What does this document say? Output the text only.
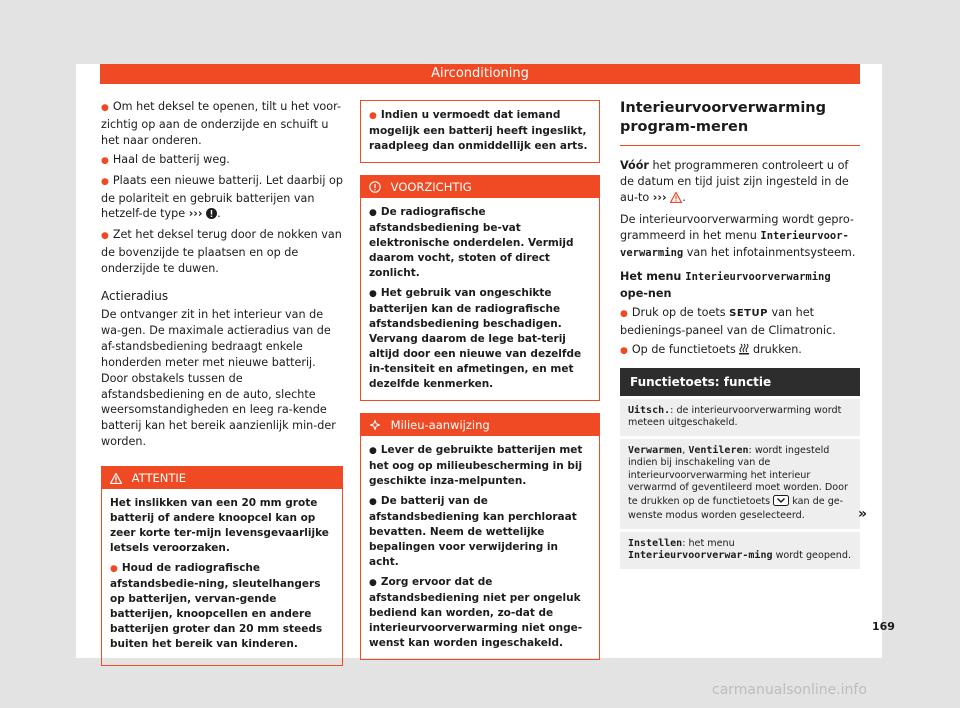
Airconditioning

● Om het deksel te openen, tilt u het voor-zichtig op aan de onderzijde en schuift u het naar onderen.

● Haal de batterij weg.

● Plaats een nieuwe batterij. Let daarbij op de polariteit en gebruik batterijen van hetzelf-de type ››› .

● Zet het deksel terug door de nokken van de bovenzijde te plaatsen en op de onderzijde te duwen.

Actieradius

De ontvanger zit in het interieur van de wa-gen. De maximale actieradius van de af-standsbediening bedraagt enkele honderden meter met nieuwe batterij. Door obstakels tussen de afstandsbediening en de auto, slechte weersomstandigheden en leeg ra-kende batterij kan het bereik aanzienlijk min-der worden.

ATTENTIE

Het inslikken van een 20 mm grote batterij of andere knoopcel kan op zeer korte ter-mijn levensgevaarlijke letsels veroorzaken.

● Houd de radiografische afstandsbedie-ning, sleutelhangers op batterijen, vervan-gende batterijen, knoopcellen en andere batterijen groter dan 20 mm steeds buiten het bereik van kinderen.

● Indien u vermoedt dat iemand mogelijk een batterij heeft ingeslikt, raadpleeg dan onmiddellijk een arts.

VOORZICHTIG

● De radiografische afstandsbediening be-vat elektronische onderdelen. Vermijd daarom vocht, stoten of direct zonlicht.

● Het gebruik van ongeschikte batterijen kan de radiografische afstandsbediening beschadigen. Vervang daarom de lege bat-terij altijd door een nieuwe van dezelfde in-tensiteit en afmetingen, en met dezelfde kenmerken.

Milieu-aanwijzing

● Lever de gebruikte batterijen met het oog op milieubescherming in bij geschikte inza-melpunten.

● De batterij van de afstandsbediening kan perchloraat bevatten. Neem de wettelijke bepalingen voor verwijdering in acht.

● Zorg ervoor dat de afstandsbediening niet per ongeluk bediend kan worden, zo-dat de interieurvoorverwarming niet onge-wenst kan worden ingeschakeld.

Interieurvoorverwarming program-meren

Vóór het programmeren controleert u of de datum en tijd juist zijn ingesteld in de au-to ››› .

De interieurvoorverwarming wordt gepro-grammeerd in het menu Interieurvoor-verwarming van het infotainmentsysteem.

Het menu Interieurvoorverwarming ope-nen

● Druk op de toets SETUP van het bedienings-paneel van de Climatronic.

● Op de functietoets drukken.

Functietoets: functie
Uitsch.: de interieurvoorverwarming wordt meteen uitgeschakeld.
Verwarmen, Ventileren: wordt ingesteld indien bij inschakeling van de interieurvoorverwarming het interieur verwarmd of geventileerd moet worden. Door te drukken op de functietoets kan de ge-wenste modus worden geselecteerd.
Instellen: het menu Interieurvoorverwar-ming wordt geopend.
»
169
carmanualsonline.info
